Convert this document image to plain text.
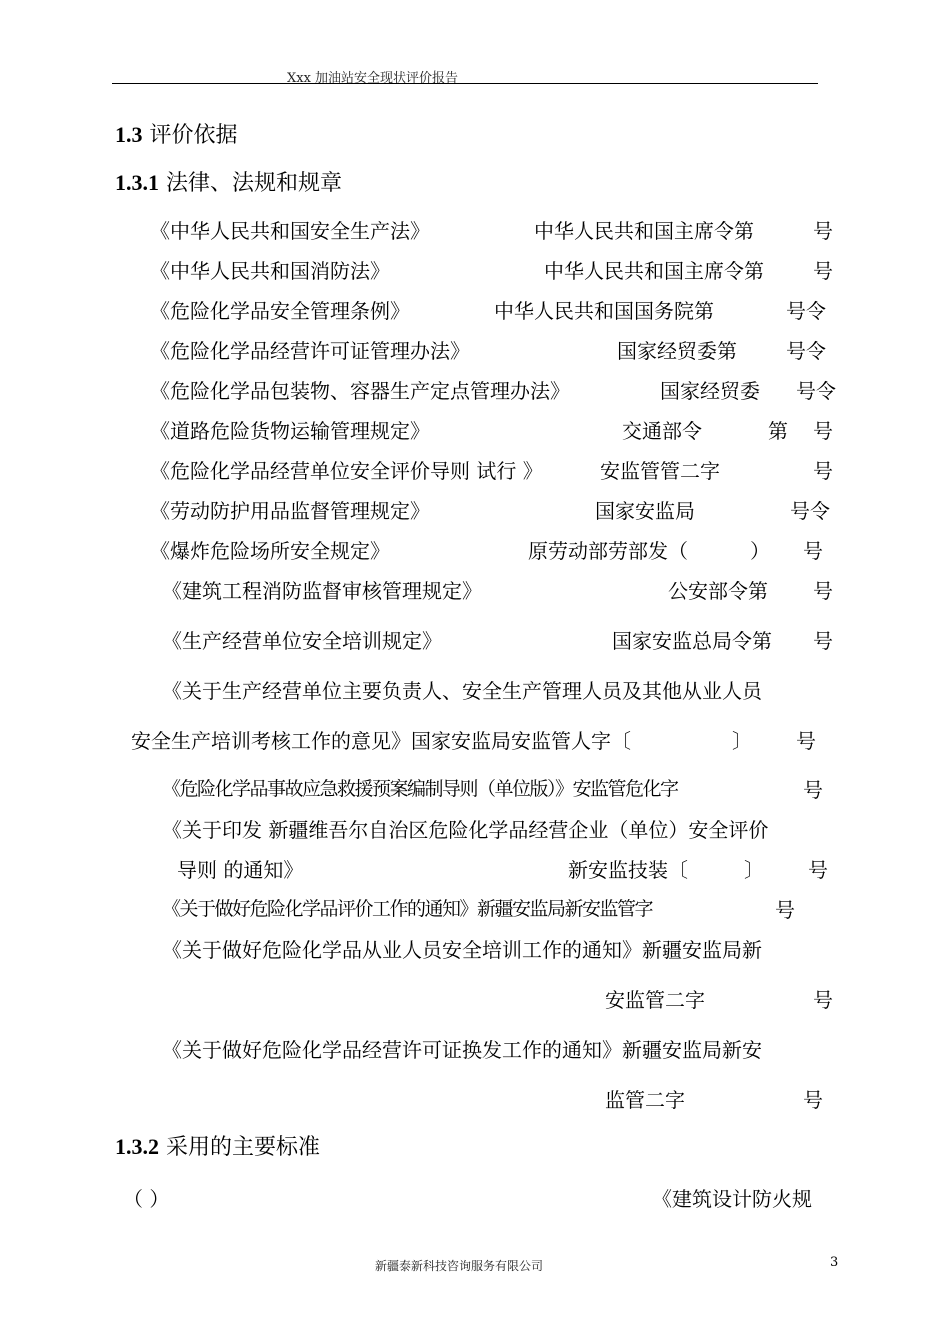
Xxx 加油站安全现状评价报告
1.3 评价依据
1.3.1 法律、法规和规章
《中华人民共和国安全生产法》	中华人民共和国主席令第	号
《中华人民共和国消防法》	中华人民共和国主席令第 号
《危险化学品安全管理条例》	中华人民共和国国务院第	号令
《危险化学品经营许可证管理办法》	国家经贸委第 号令
《危险化学品包装物、容器生产定点管理办法》	国家经贸委 号令
《道路危险货物运输管理规定》	交通部令	第 号
《危险化学品经营单位安全评价导则 试行 》	安监管管二字	号
《劳动防护用品监督管理规定》	国家安监局	号令
《爆炸危险场所安全规定》	原劳动部劳部发（	） 号
《建筑工程消防监督审核管理规定》	公安部令第 号
《生产经营单位安全培训规定》	国家安监总局令第 号
《关于生产经营单位主要负责人、安全生产管理人员及其他从业人员
安全生产培训考核工作的意见》国家安监局安监管人字〔	〕 号
《危险化学品事故应急救援预案编制导则（单位版）》安监管危化字	号
《关于印发 新疆维吾尔自治区危险化学品经营企业（单位）安全评价
导则 的通知》	新安监技装〔	〕 号
《关于做好危险化学品评价工作的通知》新疆安监局新安监管字	号
《关于做好危险化学品从业人员安全培训工作的通知》新疆安监局新
安监管二字	号
《关于做好危险化学品经营许可证换发工作的通知》新疆安监局新安
监管二字	号
1.3.2 采用的主要标准
（ ）	《建筑设计防火规
新疆泰新科技咨询服务有限公司	3
